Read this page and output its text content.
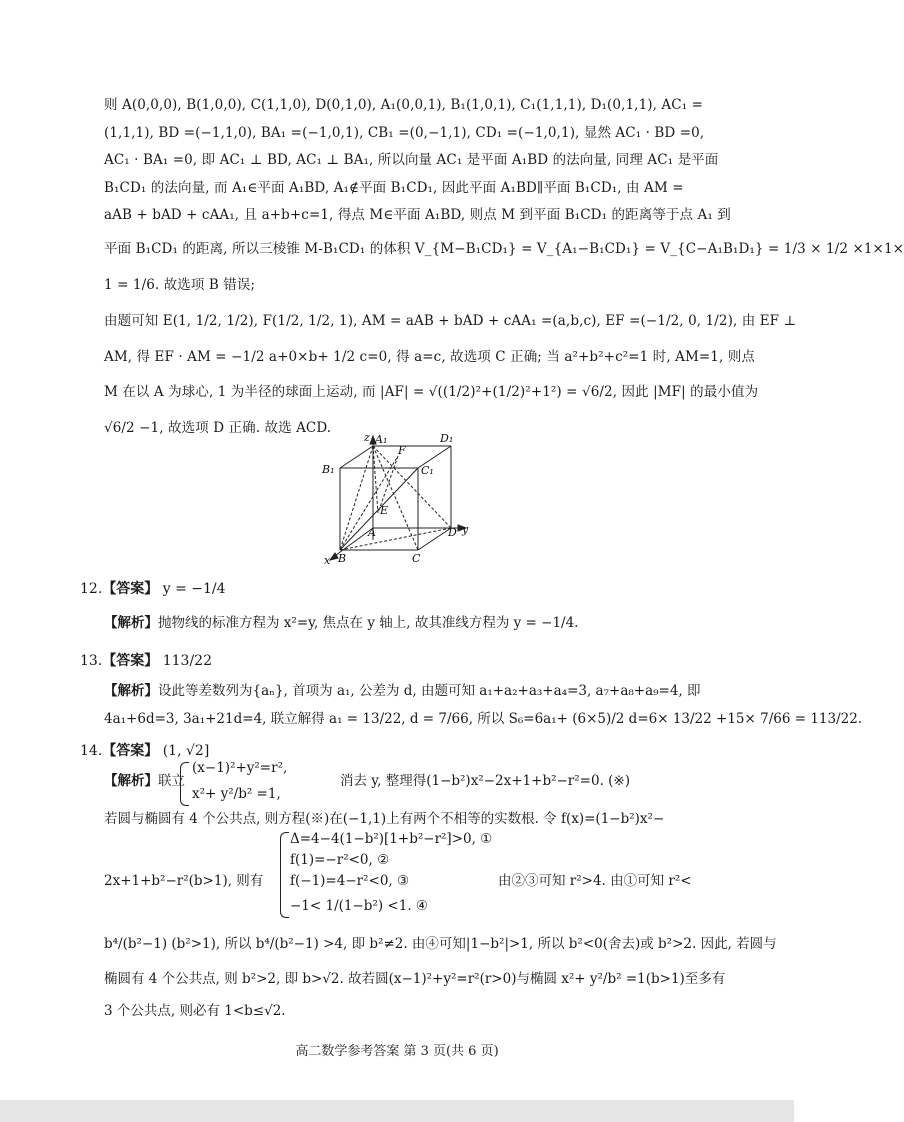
则 A(0,0,0), B(1,0,0), C(1,1,0), D(0,1,0), A₁(0,0,1), B₁(1,0,1), C₁(1,1,1), D₁(0,1,1), AC₁ =
(1,1,1), BD =(−1,1,0), BA₁ =(−1,0,1), CB₁ =(0,−1,1), CD₁ =(−1,0,1), 显然 AC₁ · BD =0,
AC₁ · BA₁ =0, 即 AC₁ ⊥ BD, AC₁ ⊥ BA₁, 所以向量 AC₁ 是平面 A₁BD 的法向量, 同理 AC₁ 是平面
B₁CD₁ 的法向量, 而 A₁∈平面 A₁BD, A₁∉平面 B₁CD₁, 因此平面 A₁BD∥平面 B₁CD₁, 由 AM =
aAB + bAD + cAA₁, 且 a+b+c=1, 得点 M∈平面 A₁BD, 则点 M 到平面 B₁CD₁ 的距离等于点 A₁ 到
平面 B₁CD₁ 的距离, 所以三棱锥 M-B₁CD₁ 的体积 V_{M−B₁CD₁} = V_{A₁−B₁CD₁} = V_{C−A₁B₁D₁} = 1/3 × 1/2 ×1×1×
1 = 1/6. 故选项 B 错误;
由题可知 E(1, 1/2, 1/2), F(1/2, 1/2, 1), AM = aAB + bAD + cAA₁ =(a,b,c), EF =(−1/2, 0, 1/2), 由 EF ⊥
AM, 得 EF · AM = −1/2 a+0×b+ 1/2 c=0, 得 a=c, 故选项 C 正确; 当 a²+b²+c²=1 时, AM=1, 则点
M 在以 A 为球心, 1 为半径的球面上运动, 而 |AF| = √((1/2)²+(1/2)²+1²) = √6/2, 因此 |MF| 的最小值为
√6/2 −1, 故选项 D 正确. 故选 ACD.
z A₁	D₁
B₁
F
C₁
E
A	D y
x B	C
12.【答案】 y = −1/4
【解析】抛物线的标准方程为 x²=y, 焦点在 y 轴上, 故其准线方程为 y = −1/4.
13.【答案】 113/22
【解析】设此等差数列为{aₙ}, 首项为 a₁, 公差为 d, 由题可知 a₁+a₂+a₃+a₄=3, a₇+a₈+a₉=4, 即
4a₁+6d=3, 3a₁+21d=4, 联立解得 a₁ = 13/22, d = 7/66, 所以 S₆=6a₁+ (6×5)/2 d=6× 13/22 +15× 7/66 = 113/22.
14.【答案】 (1, √2]
【解析】联立
(x−1)²+y²=r²,
x²+ y²/b² =1,
消去 y, 整理得(1−b²)x²−2x+1+b²−r²=0. (※)
若圆与椭圆有 4 个公共点, 则方程(※)在(−1,1)上有两个不相等的实数根. 令 f(x)=(1−b²)x²−
2x+1+b²−r²(b>1), 则有
Δ=4−4(1−b²)[1+b²−r²]>0, ①
f(1)=−r²<0, ②
f(−1)=4−r²<0, ③
−1< 1/(1−b²) <1. ④
由②③可知 r²>4. 由①可知 r²<
b⁴/(b²−1) (b²>1), 所以 b⁴/(b²−1) >4, 即 b²≠2. 由④可知|1−b²|>1, 所以 b²<0(舍去)或 b²>2. 因此, 若圆与
椭圆有 4 个公共点, 则 b²>2, 即 b>√2. 故若圆(x−1)²+y²=r²(r>0)与椭圆 x²+ y²/b² =1(b>1)至多有
3 个公共点, 则必有 1<b≤√2.
高二数学参考答案 第 3 页(共 6 页)
